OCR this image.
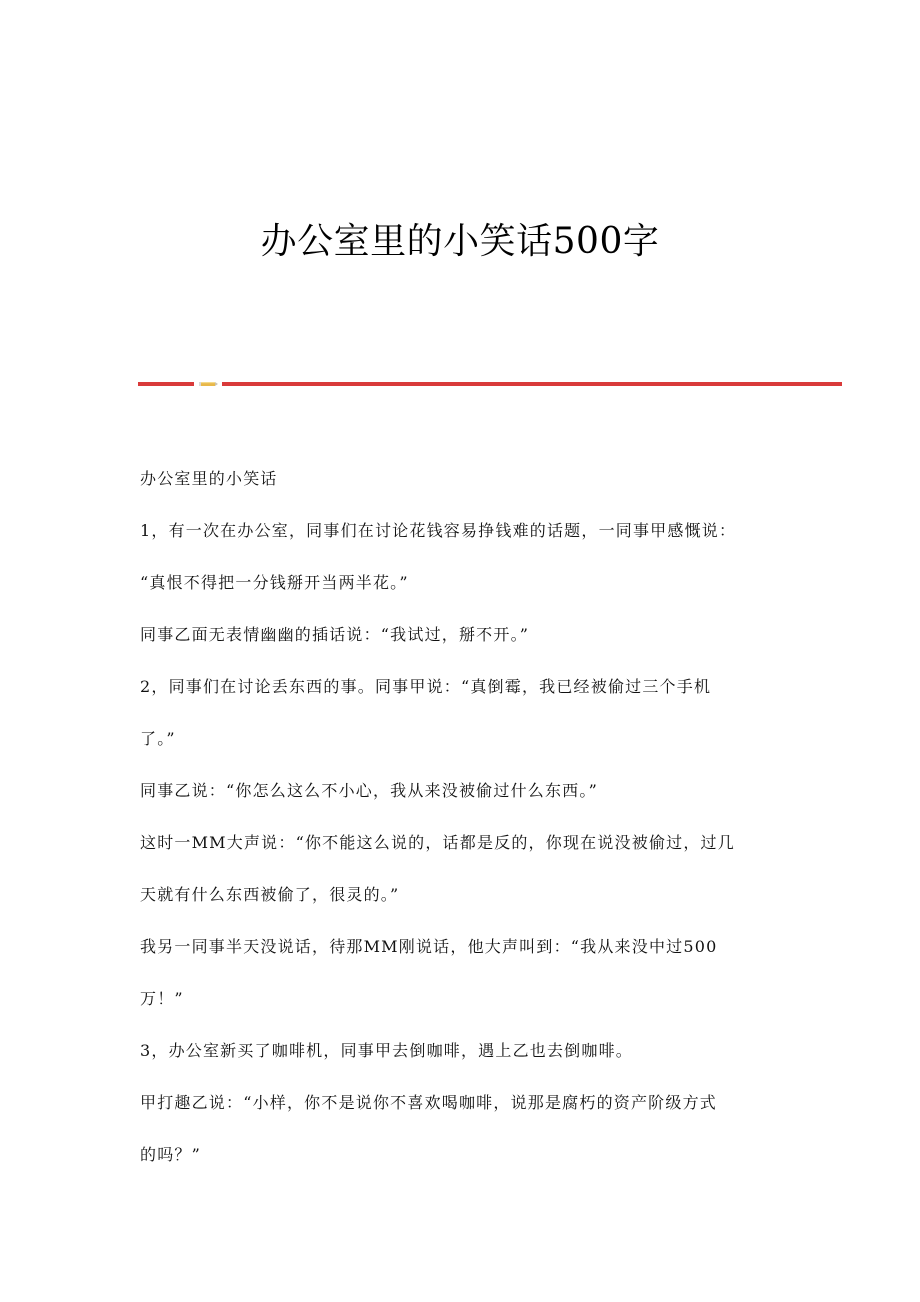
办公室里的小笑话500字

办公室里的小笑话

1，有一次在办公室，同事们在讨论花钱容易挣钱难的话题，一同事甲感慨说：
“真恨不得把一分钱掰开当两半花。”

同事乙面无表情幽幽的插话说：“我试过，掰不开。”

2，同事们在讨论丢东西的事。同事甲说：“真倒霉，我已经被偷过三个手机
了。”

同事乙说：“你怎么这么不小心，我从来没被偷过什么东西。”

这时一MM大声说：“你不能这么说的，话都是反的，你现在说没被偷过，过几
天就有什么东西被偷了，很灵的。”

我另一同事半天没说话，待那MM刚说话，他大声叫到：“我从来没中过500
万！”

3，办公室新买了咖啡机，同事甲去倒咖啡，遇上乙也去倒咖啡。

甲打趣乙说：“小样，你不是说你不喜欢喝咖啡，说那是腐朽的资产阶级方式
的吗？”
